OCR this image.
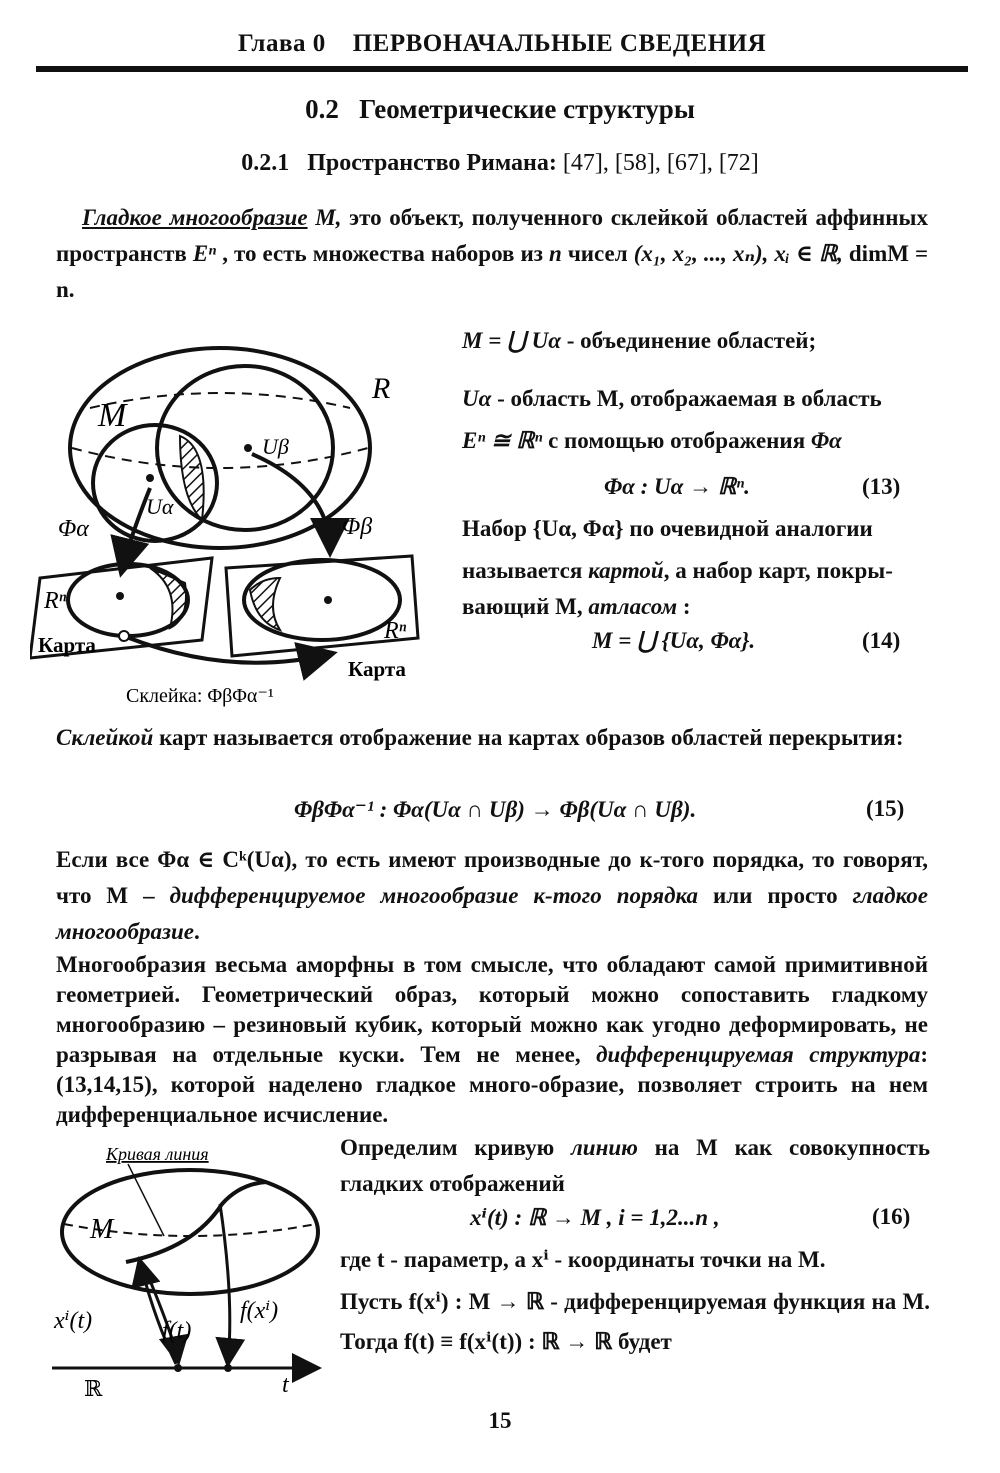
Глава 0 ПЕРВОНАЧАЛЬНЫЕ СВЕДЕНИЯ
0.2 Геометрические структуры
0.2.1 Пространство Римана: [47], [58], [67], [72]
Гладкое многообразие M, это объект, полученного склейкой областей аффинных пространств Eⁿ , то есть множества наборов из n чисел (x₁, x₂, ..., xₙ), xᵢ ∈ ℝ, dimM = n.
M = ⋃ Uα - объединение областей;
Uα - область M, отображаемая в область
Eⁿ ≅ ℝⁿ с помощью отображения Φα
Φα : Uα → ℝⁿ.	(13)
Набор {Uα, Φα} по очевидной аналогии
называется картой, а набор карт, покры-
вающий M, атласом :
M = ⋃ {Uα, Φα}.	(14)
M
R
Uα
Uβ
Φα	Φβ
Rⁿ
Rⁿ
Карта
Карта
Склейка: ΦβΦα⁻¹
Склейкой карт называется отображение на картах образов областей перекрытия:
ΦβΦα⁻¹ : Φα(Uα ∩ Uβ) → Φβ(Uα ∩ Uβ).	(15)
Если все Φα ∈ Cᵏ(Uα), то есть имеют производные до к-того порядка, то говорят, что M – дифференцируемое многообразие к-того порядка или просто гладкое многообразие.
Многообразия весьма аморфны в том смысле, что обладают самой примитивной геометрией. Геометрический образ, который можно сопоставить гладкому многообразию – резиновый кубик, который можно как угодно деформировать, не разрывая на отдельные куски. Тем не менее, дифференцируемая структура: (13,14,15), которой наделено гладкое много-образие, позволяет строить на нем дифференциальное исчисление.
Определим кривую линию на M как совокупность гладких отображений
xⁱ(t) : ℝ → M , i = 1,2...n ,	(16)
где t - параметр, а xⁱ - координаты точки на M.
Пусть f(xⁱ) : M → ℝ - дифференцируемая функция на M. Тогда f(t) ≡ f(xⁱ(t)) : ℝ → ℝ будет
Кривая линия
M
xⁱ(t)	f(t)
f(xⁱ)
ℝ	t
15
